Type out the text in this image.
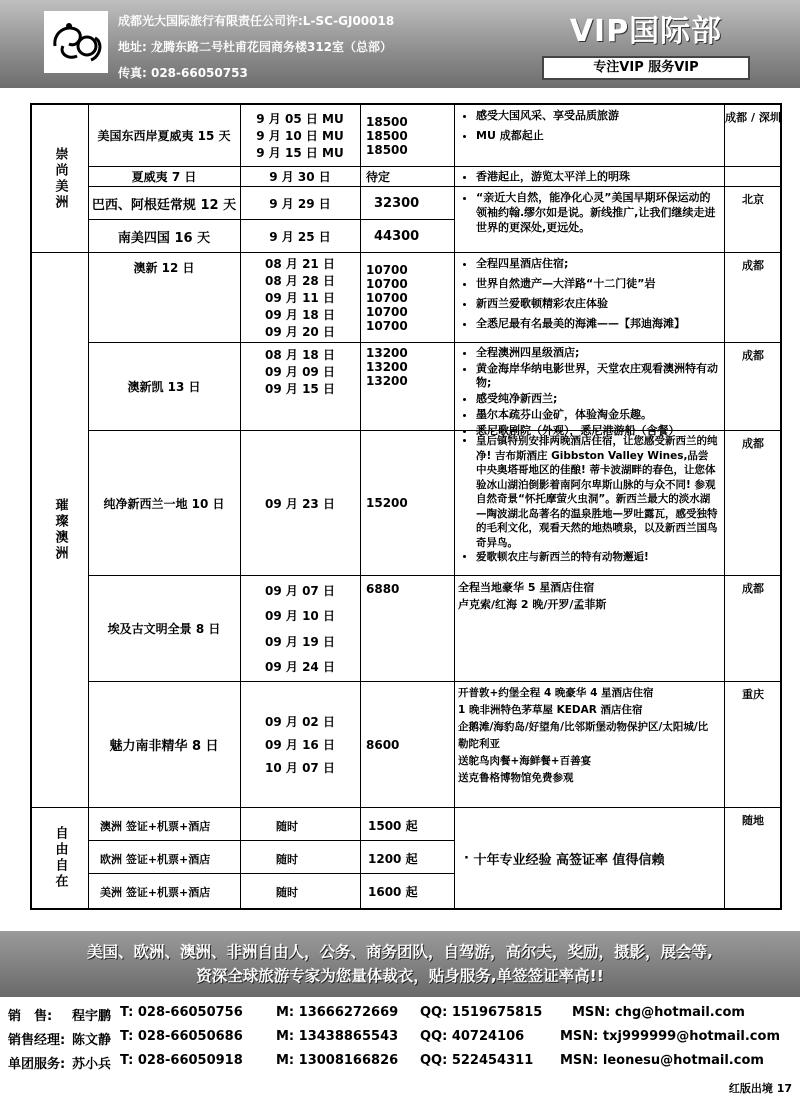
成都光大国际旅行有限责任公司许:L-SC-GJ00018
地址: 龙腾东路二号杜甫花园商务楼312室（总部）
传真: 028-66050753
VIP国际部
专注VIP 服务VIP
崇尚美洲
璀璨澳洲
自由自在
美国东西岸夏威夷 15 天
9 月 05 日 MU
9 月 10 日 MU
9 月 15 日 MU
18500
18500
18500
• 感受大国风采、享受品质旅游
• MU 成都起止
成都 / 深圳
夏威夷 7 日	9 月 30 日	待定
•	香港起止，游览太平洋上的明珠
巴西、阿根廷常规 12 天
南美四国 16 天
9 月 29 日
9 月 25 日
32300
44300
• “亲近大自然，能净化心灵”美国早期环保运动的领袖约翰.缪尔如是说。新线推广,让我们继续走进世界的更深处,更远处。
北京
澳新 12 日	08 月 21 日
08 月 28 日
09 月 11 日
09 月 18 日
09 月 20 日
10700
10700
10700
10700
10700
• 全程四星酒店住宿;
• 世界自然遗产—大洋路“十二门徒”岩
• 新西兰爱歌顿精彩农庄体验
• 全悉尼最有名最美的海滩——【邦迪海滩】
成都
澳新凯 13 日
08 月 18 日
09 月 09 日
09 月 15 日
13200
13200
13200
• 全程澳洲四星级酒店;
• 黄金海岸华纳电影世界，天堂农庄观看澳洲特有动物;
• 感受纯净新西兰;
• 墨尔本疏芬山金矿，体验淘金乐趣。
• 悉尼歌剧院（外观），悉尼港游船（含餐）
成都
纯净新西兰一地 10 日	09 月 23 日	15200
• 皇后镇特别安排两晚酒店住宿，让您感受新西兰的纯净! 吉布斯酒庄 Gibbston Valley Wines,品尝中央奥塔哥地区的佳酿! 蒂卡波湖畔的春色，让您体验冰山湖泊倒影着南阿尔卑斯山脉的与众不同! 参观自然奇景“怀托摩萤火虫洞”。新西兰最大的淡水湖—陶波湖北岛著名的温泉胜地—罗吐露瓦，感受独特的毛利文化，观看天然的地热喷泉，以及新西兰国鸟奇异鸟。
• 爱歌顿农庄与新西兰的特有动物邂逅!
成都
埃及古文明全景 8 日
09 月 07 日
09 月 10 日
09 月 19 日
09 月 24 日
6880	全程当地豪华 5 星酒店住宿
卢克索/红海 2 晚/开罗/孟菲斯
成都
魅力南非精华 8 日
09 月 02 日
09 月 16 日
10 月 07 日
8600
开普敦+约堡全程 4 晚豪华 4 星酒店住宿
1 晚非洲特色茅草屋 KEDAR 酒店住宿
企鹅滩/海豹岛/好望角/比邻斯堡动物保护区/太阳城/比勒陀利亚
送鸵鸟肉餐+海鲜餐+百善宴
送克鲁格博物馆免费参观
重庆
澳洲 签证+机票+酒店	随时	1500 起
欧洲 签证+机票+酒店	随时	1200 起
美洲 签证+机票+酒店	随时	1600 起
· 十年专业经验 高签证率 值得信赖
随地
美国、欧洲、澳洲、非洲自由人，公务、商务团队，自驾游，高尔夫，奖励，摄影，展会等,
资深全球旅游专家为您量体裁衣，贴身服务,单签签证率高!!
销　售: 程宇鹏 T: 028-66050756	M: 13666272669 QQ: 1519675815 MSN: chg@hotmail.com
销售经理: 陈文静 T: 028-66050686	M: 13438865543 QQ: 40724106	MSN: txj999999@hotmail.com
单团服务: 苏小兵 T: 028-66050918	M: 13008166826 QQ: 522454311 MSN: leonesu@hotmail.com
红版出境 17
